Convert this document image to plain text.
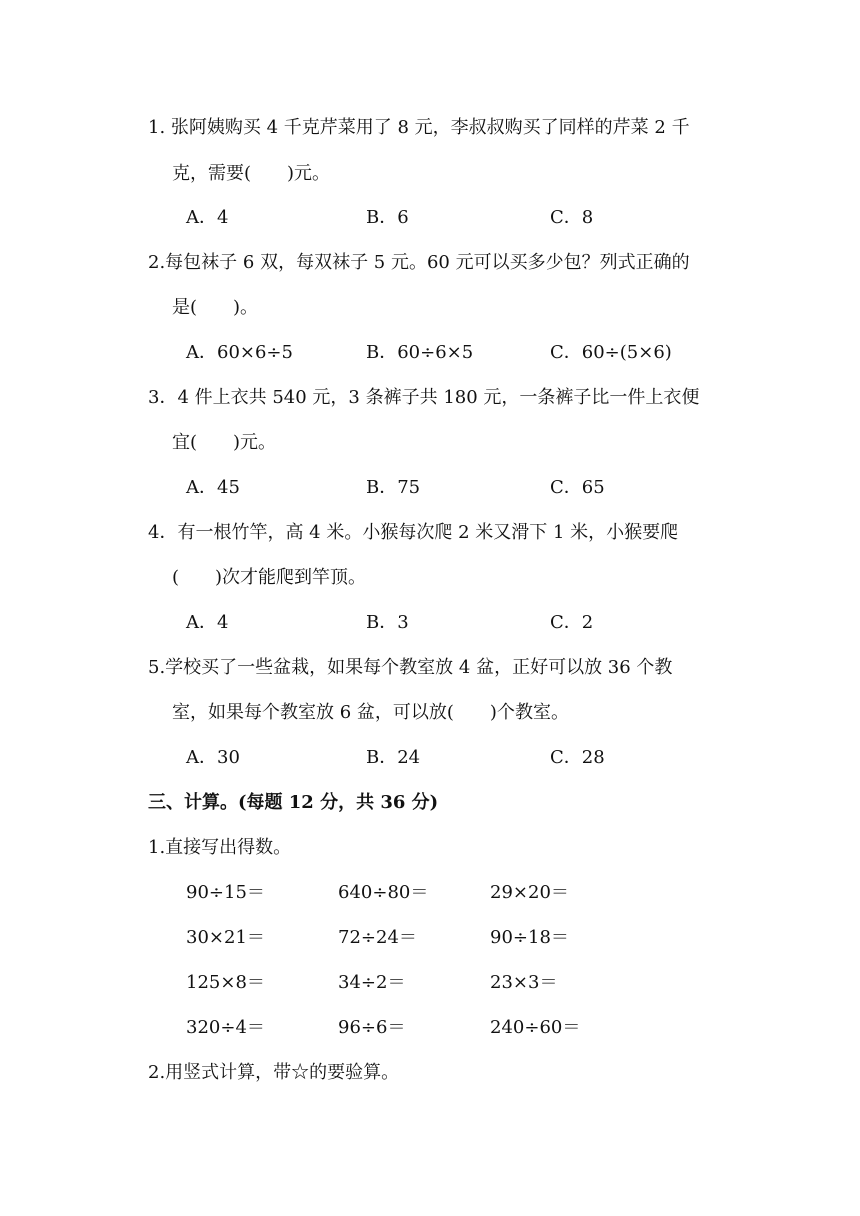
1. 张阿姨购买 4 千克芹菜用了 8 元，李叔叔购买了同样的芹菜 2 千
克，需要(　　)元。
A．4	B．6	C．8
2.每包袜子 6 双，每双袜子 5 元。60 元可以买多少包？列式正确的
是(　　)。
A．60×6÷5	B．60÷6×5	C．60÷(5×6)
3．4 件上衣共 540 元，3 条裤子共 180 元，一条裤子比一件上衣便
宜(　　)元。
A．45	B．75	C．65
4．有一根竹竿，高 4 米。小猴每次爬 2 米又滑下 1 米，小猴要爬
(　　)次才能爬到竿顶。
A．4	B．3	C．2
5.学校买了一些盆栽，如果每个教室放 4 盆，正好可以放 36 个教
室，如果每个教室放 6 盆，可以放(　　)个教室。
A．30	B．24	C．28
三、计算。(每题 12 分，共 36 分)
1.直接写出得数。
90÷15＝	640÷80＝	29×20＝
30×21＝	72÷24＝	90÷18＝
125×8＝	34÷2＝	23×3＝
320÷4＝	96÷6＝	240÷60＝
2.用竖式计算，带☆的要验算。
